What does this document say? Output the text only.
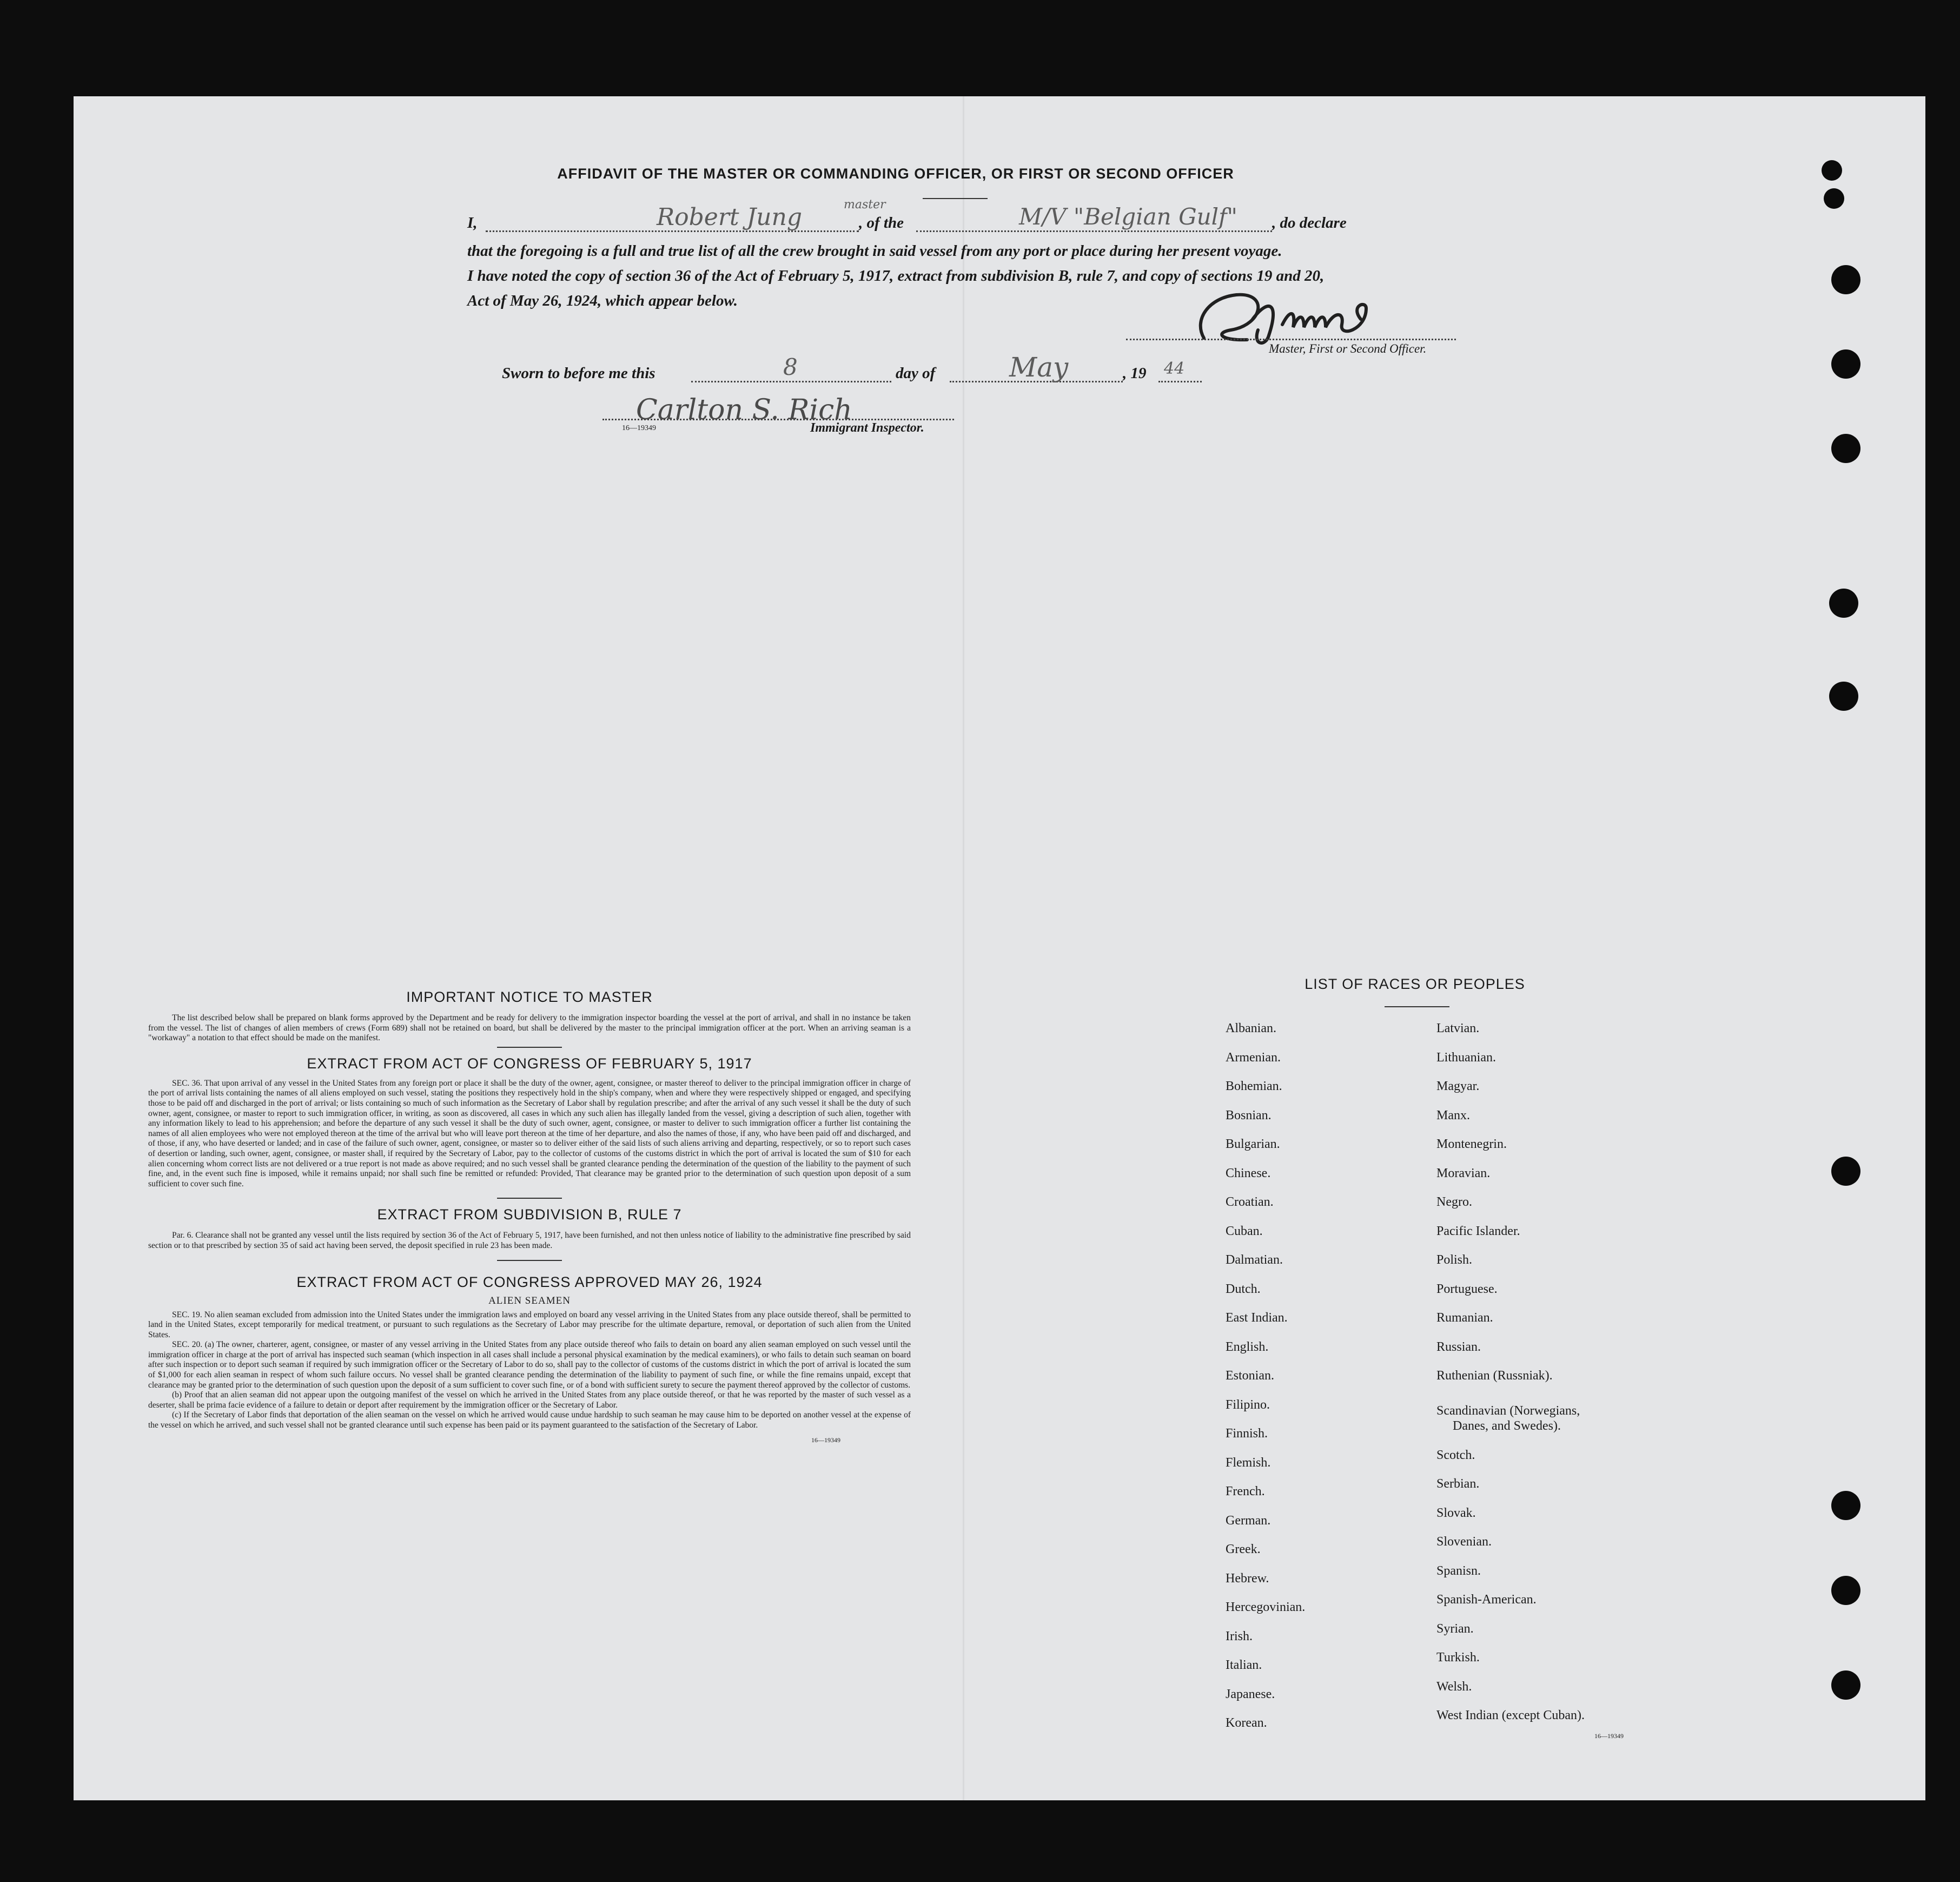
AFFIDAVIT OF THE MASTER OR COMMANDING OFFICER, OR FIRST OR SECOND OFFICER
I,	Robert Jung	master
, of the	M/V "Belgian Gulf" , do declare
that the foregoing is a full and true list of all the crew brought in said vessel from any port or place during her present voyage.
I have noted the copy of section 36 of the Act of February 5, 1917, extract from subdivision B, rule 7, and copy of sections 19 and 20,
Act of May 26, 1924, which appear below.
Master, First or Second Officer.
Sworn to before me this	8	day of	May	, 19 44
Carlton S. Rich
16—19349	Immigrant Inspector.
IMPORTANT NOTICE TO MASTER

The list described below shall be prepared on blank forms approved by the Department and be ready for delivery to the immigration inspector boarding the vessel at the port of arrival, and shall in no instance be taken from the vessel. The list of changes of alien members of crews (Form 689) shall not be retained on board, but shall be delivered by the master to the principal immigration officer at the port. When an arriving seaman is a "workaway" a notation to that effect should be made on the manifest.

EXTRACT FROM ACT OF CONGRESS OF FEBRUARY 5, 1917

SEC. 36. That upon arrival of any vessel in the United States from any foreign port or place it shall be the duty of the owner, agent, consignee, or master thereof to deliver to the principal immigration officer in charge of the port of arrival lists containing the names of all aliens employed on such vessel, stating the positions they respectively hold in the ship's company, when and where they were respectively shipped or engaged, and specifying those to be paid off and discharged in the port of arrival; or lists containing so much of such information as the Secretary of Labor shall by regulation prescribe; and after the arrival of any such vessel it shall be the duty of such owner, agent, consignee, or master to report to such immigration officer, in writing, as soon as discovered, all cases in which any such alien has illegally landed from the vessel, giving a description of such alien, together with any information likely to lead to his apprehension; and before the departure of any such vessel it shall be the duty of such owner, agent, consignee, or master to deliver to such immigration officer a further list containing the names of all alien employees who were not employed thereon at the time of the arrival but who will leave port thereon at the time of her departure, and also the names of those, if any, who have been paid off and discharged, and of those, if any, who have deserted or landed; and in case of the failure of such owner, agent, consignee, or master so to deliver either of the said lists of such aliens arriving and departing, respectively, or so to report such cases of desertion or landing, such owner, agent, consignee, or master shall, if required by the Secretary of Labor, pay to the collector of customs of the customs district in which the port of arrival is located the sum of $10 for each alien concerning whom correct lists are not delivered or a true report is not made as above required; and no such vessel shall be granted clearance pending the determination of the question of the liability to the payment of such fine, and, in the event such fine is imposed, while it remains unpaid; nor shall such fine be remitted or refunded: Provided, That clearance may be granted prior to the determination of such question upon deposit of a sum sufficient to cover such fine.

EXTRACT FROM SUBDIVISION B, RULE 7

Par. 6. Clearance shall not be granted any vessel until the lists required by section 36 of the Act of February 5, 1917, have been furnished, and not then unless notice of liability to the administrative fine prescribed by said section or to that prescribed by section 35 of said act having been served, the deposit specified in rule 23 has been made.

EXTRACT FROM ACT OF CONGRESS APPROVED MAY 26, 1924
ALIEN SEAMEN

SEC. 19. No alien seaman excluded from admission into the United States under the immigration laws and employed on board any vessel arriving in the United States from any place outside thereof, shall be permitted to land in the United States, except temporarily for medical treatment, or pursuant to such regulations as the Secretary of Labor may prescribe for the ultimate departure, removal, or deportation of such alien from the United States.

SEC. 20. (a) The owner, charterer, agent, consignee, or master of any vessel arriving in the United States from any place outside thereof who fails to detain on board any alien seaman employed on such vessel until the immigration officer in charge at the port of arrival has inspected such seaman (which inspection in all cases shall include a personal physical examination by the medical examiners), or who fails to detain such seaman on board after such inspection or to deport such seaman if required by such immigration officer or the Secretary of Labor to do so, shall pay to the collector of customs of the customs district in which the port of arrival is located the sum of $1,000 for each alien seaman in respect of whom such failure occurs. No vessel shall be granted clearance pending the determination of the liability to payment of such fine, or while the fine remains unpaid, except that clearance may be granted prior to the determination of such question upon the deposit of a sum sufficient to cover such fine, or of a bond with sufficient surety to secure the payment thereof approved by the collector of customs.

(b) Proof that an alien seaman did not appear upon the outgoing manifest of the vessel on which he arrived in the United States from any place outside thereof, or that he was reported by the master of such vessel as a deserter, shall be prima facie evidence of a failure to detain or deport after requirement by the immigration officer or the Secretary of Labor.

(c) If the Secretary of Labor finds that deportation of the alien seaman on the vessel on which he arrived would cause undue hardship to such seaman he may cause him to be deported on another vessel at the expense of the vessel on which he arrived, and such vessel shall not be granted clearance until such expense has been paid or its payment guaranteed to the satisfaction of the Secretary of Labor.

16—19349
LIST OF RACES OR PEOPLES
Albanian.
Armenian.
Bohemian.
Bosnian.
Bulgarian.
Chinese.
Croatian.
Cuban.
Dalmatian.
Dutch.
East Indian.
English.
Estonian.
Filipino.
Finnish.
Flemish.
French.
German.
Greek.
Hebrew.
Hercegovinian.
Irish.
Italian.
Japanese.
Korean.
Latvian.
Lithuanian.
Magyar.
Manx.
Montenegrin.
Moravian.
Negro.
Pacific Islander.
Polish.
Portuguese.
Rumanian.
Russian.
Ruthenian (Russniak).
Scandinavian (Norwegians,
Danes, and Swedes).
Scotch.
Serbian.
Slovak.
Slovenian.
Spanisn.
Spanish-American.
Syrian.
Turkish.
Welsh.
West Indian (except Cuban).
16—19349
